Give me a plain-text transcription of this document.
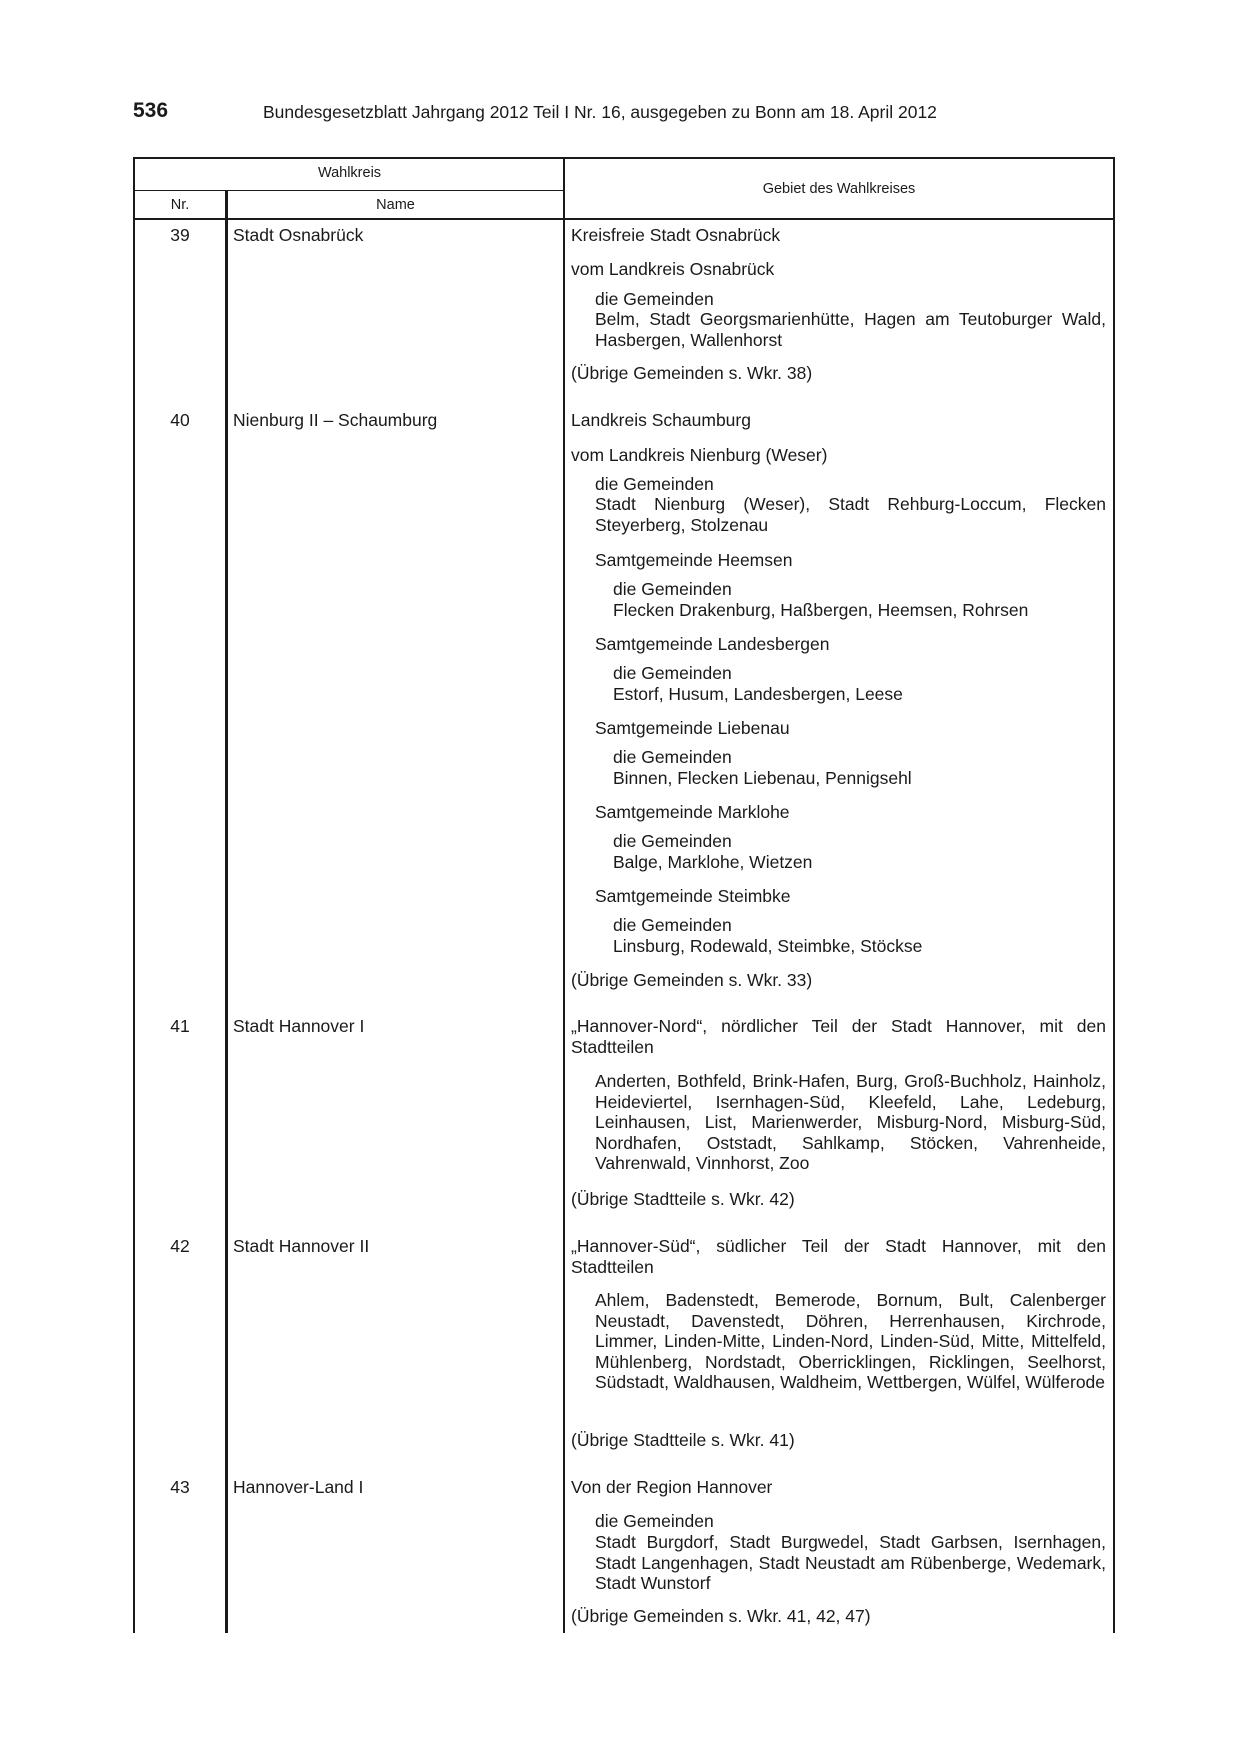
536	Bundesgesetzblatt Jahrgang 2012 Teil I Nr. 16, ausgegeben zu Bonn am 18. April 2012
Wahlkreis
Nr.	Name
Gebiet des Wahlkreises
39	Stadt Osnabrück	Kreisfreie Stadt Osnabrück
vom Landkreis Osnabrück
die Gemeinden
Belm, Stadt Georgsmarienhütte, Hagen am Teutoburger Wald, Hasbergen, Wallenhorst
(Übrige Gemeinden s. Wkr. 38)
40	Nienburg II – Schaumburg	Landkreis Schaumburg
vom Landkreis Nienburg (Weser)
die Gemeinden
Stadt Nienburg (Weser), Stadt Rehburg-Loccum, Flecken Steyerberg, Stolzenau
Samtgemeinde Heemsen
die Gemeinden
Flecken Drakenburg, Haßbergen, Heemsen, Rohrsen
Samtgemeinde Landesbergen
die Gemeinden
Estorf, Husum, Landesbergen, Leese
Samtgemeinde Liebenau
die Gemeinden
Binnen, Flecken Liebenau, Pennigsehl
Samtgemeinde Marklohe
die Gemeinden
Balge, Marklohe, Wietzen
Samtgemeinde Steimbke
die Gemeinden
Linsburg, Rodewald, Steimbke, Stöckse
(Übrige Gemeinden s. Wkr. 33)
41	Stadt Hannover I	„Hannover-Nord“, nördlicher Teil der Stadt Hannover, mit den Stadtteilen
Anderten, Bothfeld, Brink-Hafen, Burg, Groß-Buchholz, Hainholz, Heideviertel, Isernhagen-Süd, Kleefeld, Lahe, Ledeburg, Leinhausen, List, Marienwerder, Misburg-Nord, Misburg-Süd, Nordhafen, Oststadt, Sahlkamp, Stöcken, Vahrenheide, Vahrenwald, Vinnhorst, Zoo
(Übrige Stadtteile s. Wkr. 42)
42	Stadt Hannover II	„Hannover-Süd“, südlicher Teil der Stadt Hannover, mit den Stadtteilen
Ahlem, Badenstedt, Bemerode, Bornum, Bult, Calenberger Neustadt, Davenstedt, Döhren, Herrenhausen, Kirchrode, Limmer, Linden-Mitte, Linden-Nord, Linden-Süd, Mitte, Mittelfeld, Mühlenberg, Nordstadt, Oberricklingen, Ricklingen, Seelhorst, Südstadt, Waldhausen, Waldheim, Wettbergen, Wülfel, Wülferode
(Übrige Stadtteile s. Wkr. 41)
43	Hannover-Land I	Von der Region Hannover
die Gemeinden
Stadt Burgdorf, Stadt Burgwedel, Stadt Garbsen, Isernhagen, Stadt Langenhagen, Stadt Neustadt am Rübenberge, Wedemark, Stadt Wunstorf
(Übrige Gemeinden s. Wkr. 41, 42, 47)
